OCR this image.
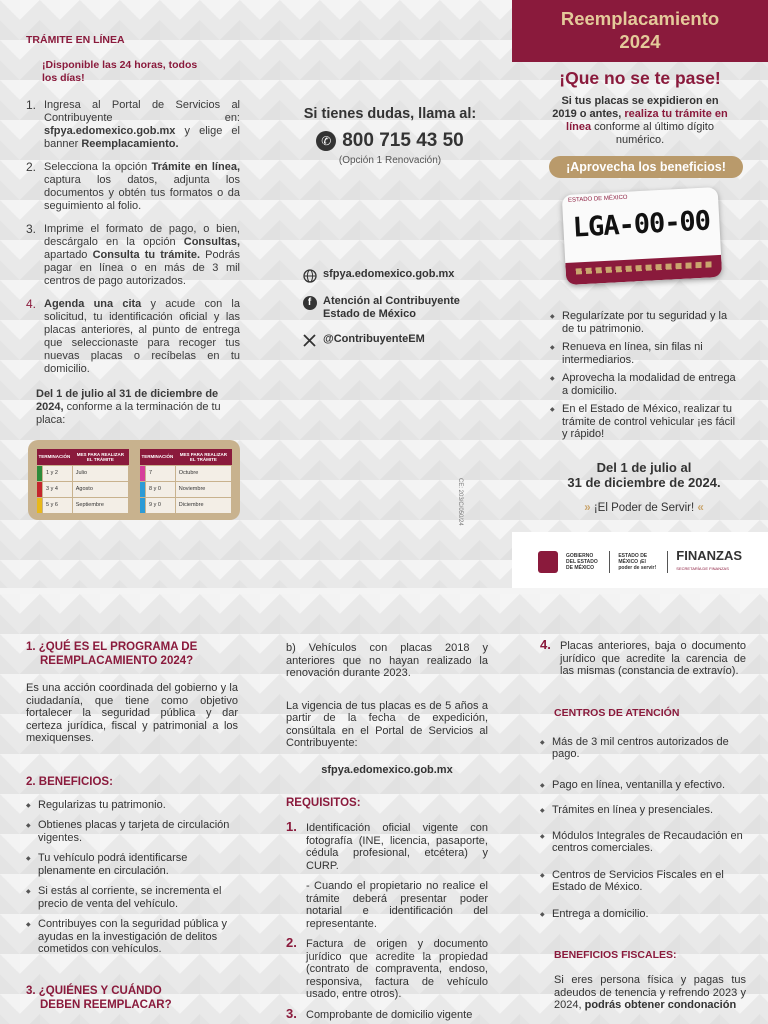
TRÁMITE EN LÍNEA
¡Disponible las 24 horas, todos los días!
1. Ingresa al Portal de Servicios al Contribuyente en: sfpya.edomexico.gob.mx y elige el banner Reemplacamiento.
2. Selecciona la opción Trámite en línea, captura los datos, adjunta los documentos y obtén tus formatos o da seguimiento al folio.
3. Imprime el formato de pago, o bien, descárgalo en la opción Consultas, apartado Consulta tu trámite. Podrás pagar en línea o en más de 3 mil centros de pago autorizados.
4. Agenda una cita y acude con la solicitud, tu identificación oficial y las placas anteriores, al punto de entrega que seleccionaste para recoger tus nuevas placas o recíbelas en tu domicilio.
Del 1 de julio al 31 de diciembre de 2024, conforme a la terminación de tu placa:
TERMINACIÓN		MES PARA REALIZAR EL TRÁMITE
	1 y 2	Julio
	3 y 4	Agosto
	5 y 6	Septiembre
TERMINACIÓN		MES PARA REALIZAR EL TRÁMITE
	7	Octubre
	8 y 0	Noviembre
	9 y 0	Diciembre
Si tienes dudas, llama al:
✆ 800 715 43 50
(Opción 1 Renovación)
sfpya.edomexico.gob.mx
f	Atención al Contribuyente Estado de México
@ContribuyenteEM
CE: 203/C/050/24
Reemplacamiento
2024
¡Que no se te pase!
Si tus placas se expidieron en 2019 o antes, realiza tu trámite en línea conforme al último dígito numérico.
¡Aprovecha los beneficios!
ESTADO DE MÉXICO
LGA-00-00
◆ Regularízate por tu seguridad y la de tu patrimonio.
◆ Renueva en línea, sin filas ni intermediarios.
◆ Aprovecha la modalidad de entrega a domicilio.
◆ En el Estado de México, realizar tu trámite de control vehicular ¡es fácil y rápido!
Del 1 de julio al
31 de diciembre de 2024.
» ¡El Poder de Servir! «
GOBIERNO DEL ESTADO DE MÉXICO
ESTADO DE MÉXICO ¡El poder de servir!
FINANZAS
SECRETARÍA DE FINANZAS
1. ¿QUÉ ES EL PROGRAMA DE
REEMPLACAMIENTO 2024?

Es una acción coordinada del gobierno y la ciudadanía, que tiene como objetivo fortalecer la seguridad pública y dar certeza jurídica, fiscal y patrimonial a los mexiquenses.

2. BENEFICIOS:
◆ Regularizas tu patrimonio.
◆ Obtienes placas y tarjeta de circulación vigentes.
◆ Tu vehículo podrá identificarse plenamente en circulación.
◆ Si estás al corriente, se incrementa el precio de venta del vehículo.
◆ Contribuyes con la seguridad pública y ayudas en la investigación de delitos cometidos con vehículos.
3. ¿QUIÉNES Y CUÁNDO
DEBEN REEMPLACAR?

b) Vehículos con placas 2018 y anteriores que no hayan realizado la renovación durante 2023.

La vigencia de tus placas es de 5 años a partir de la fecha de expedición, consúltala en el Portal de Servicios al Contribuyente:

sfpya.edomexico.gob.mx

REQUISITOS:
1. Identificación oficial vigente con fotografía (INE, licencia, pasaporte, cédula profesional, etcétera) y CURP.
- Cuando el propietario no realice el trámite deberá presentar poder notarial e identificación del representante.
2. Factura de origen y documento jurídico que acredite la propiedad (contrato de compraventa, endoso, responsiva, factura de vehículo usado, entre otros).
3. Comprobante de domicilio vigente
4. Placas anteriores, baja o documento jurídico que acredite la carencia de las mismas (constancia de extravío).
CENTROS DE ATENCIÓN
◆ Más de 3 mil centros autorizados de pago.
◆ Pago en línea, ventanilla y efectivo.
◆ Trámites en línea y presenciales.
◆ Módulos Integrales de Recaudación en centros comerciales.
◆ Centros de Servicios Fiscales en el Estado de México.
◆ Entrega a domicilio.
BENEFICIOS FISCALES:

Si eres persona física y pagas tus adeudos de tenencia y refrendo 2023 y 2024, podrás obtener condonación
